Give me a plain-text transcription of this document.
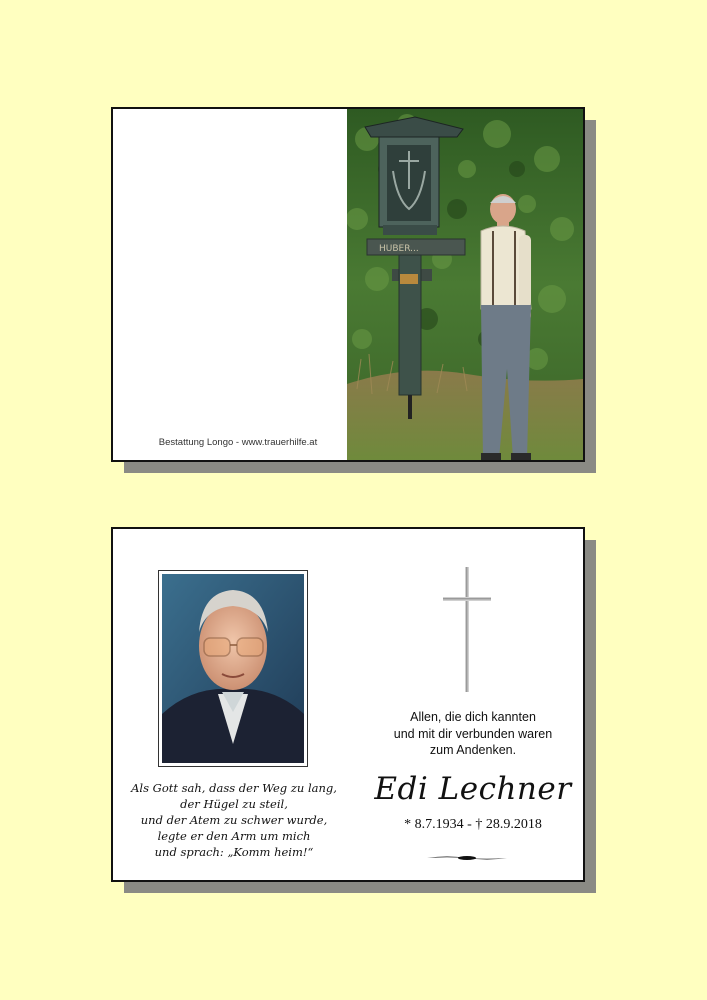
Bestattung Longo - www.trauerhilfe.at
HUBER...
Als Gott sah, dass der Weg zu lang,
der Hügel zu steil,
und der Atem zu schwer wurde,
legte er den Arm um mich
und sprach: „Komm heim!“
Allen, die dich kannten
und mit dir verbunden waren
zum Andenken.
Edi Lechner
* 8.7.1934 - † 28.9.2018
